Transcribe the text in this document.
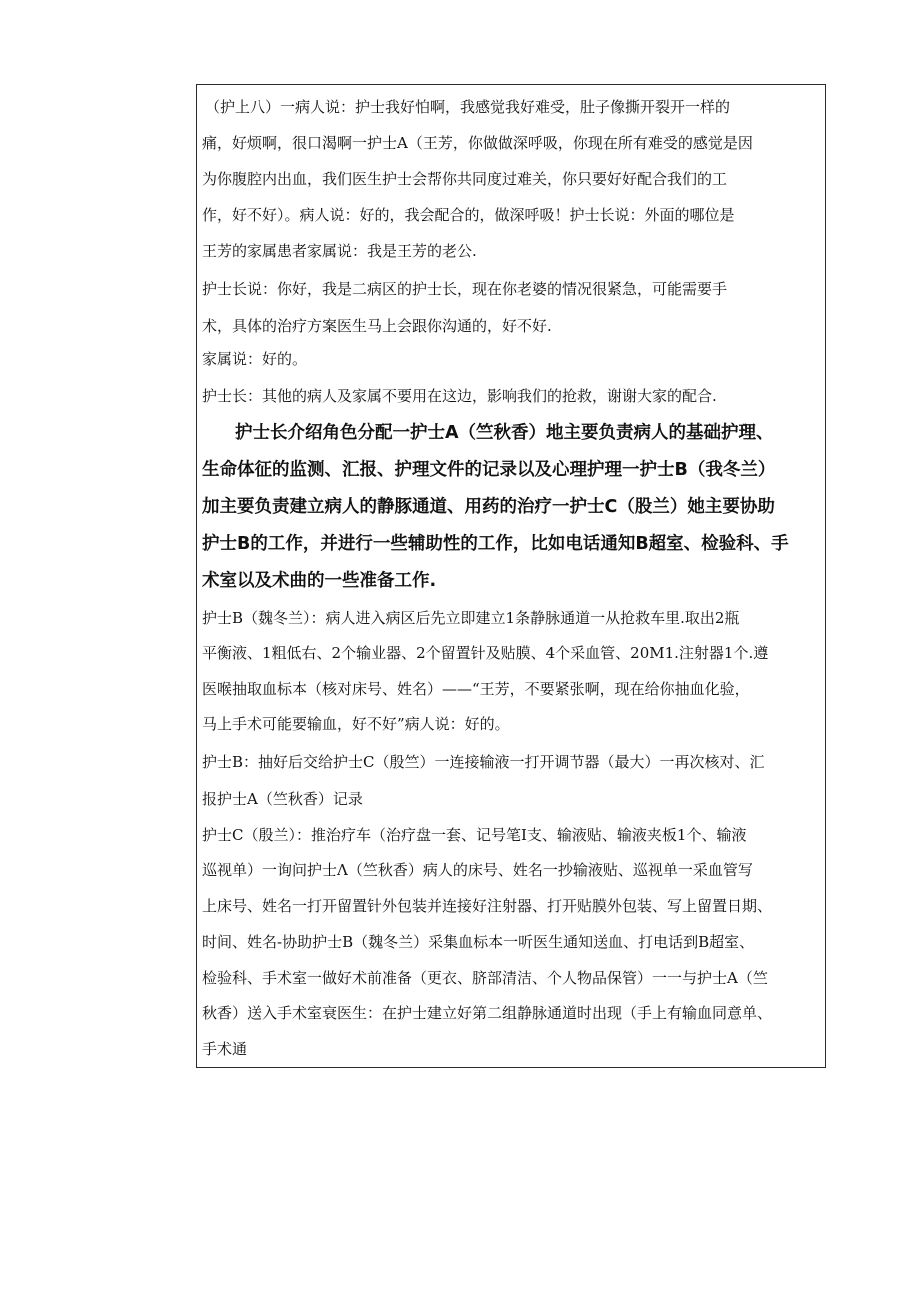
（护上八）一病人说：护士我好怕啊，我感觉我好难受，肚子像撕开裂开一样的
痛，好烦啊，很口渴啊一护士A（王芳，你做做深呼吸，你现在所有难受的感觉是因
为你腹腔内出血，我们医生护士会帮你共同度过难关，你只要好好配合我们的工
作，好不好）。病人说：好的，我会配合的，做深呼吸！护士长说：外面的哪位是
王芳的家属患者家属说：我是王芳的老公.
护士长说：你好，我是二病区的护士长，现在你老婆的情况很紧急，可能需要手
术，具体的治疗方案医生马上会跟你沟通的，好不好.
家属说：好的。
护士长：其他的病人及家属不要用在这边，影响我们的抢救，谢谢大家的配合.
护士长介绍角色分配一护士A（竺秋香）地主要负责病人的基础护理、
生命体征的监测、汇报、护理文件的记录以及心理护理一护士B（我冬兰）
加主要负责建立病人的静豚通道、用药的治疗一护士C（股兰）她主要协助
护士B的工作，并进行一些辅助性的工作，比如电话通知B超室、检验科、手
术室以及术曲的一些准备工作.
护士B（魏冬兰）：病人进入病区后先立即建立1条静脉通道一从抢救车里.取出2瓶
平衡液、1粗低右、2个输业器、2个留置针及贴膜、4个采血管、20M1.注射器1个.遵
医喉抽取血标本（核对床号、姓名）——“王芳，不要紧张啊，现在给你抽血化验，
马上手术可能要输血，好不好”病人说：好的。
护士B：抽好后交给护士C（殷竺）一连接输液一打开调节器（最大）一再次核对、汇
报护士A（竺秋香）记录
护士C（殷兰）：推治疗车（治疗盘一套、记号笔I支、输液贴、输液夹板1个、输液
巡视单）一询问护士Λ（竺秋香）病人的床号、姓名一抄输液贴、巡视单一采血管写
上床号、姓名一打开留置针外包装并连接好注射器、打开贴膜外包装、写上留置日期、
时间、姓名-协助护士B（魏冬兰）采集血标本一听医生通知送血、打电话到B超室、
检验科、手术室一做好术前准备（更衣、脐部清洁、个人物品保管）一一与护士A（竺
秋香）送入手术室衰医生：在护士建立好第二组静脉通道时出现（手上有输血同意单、
手术通
